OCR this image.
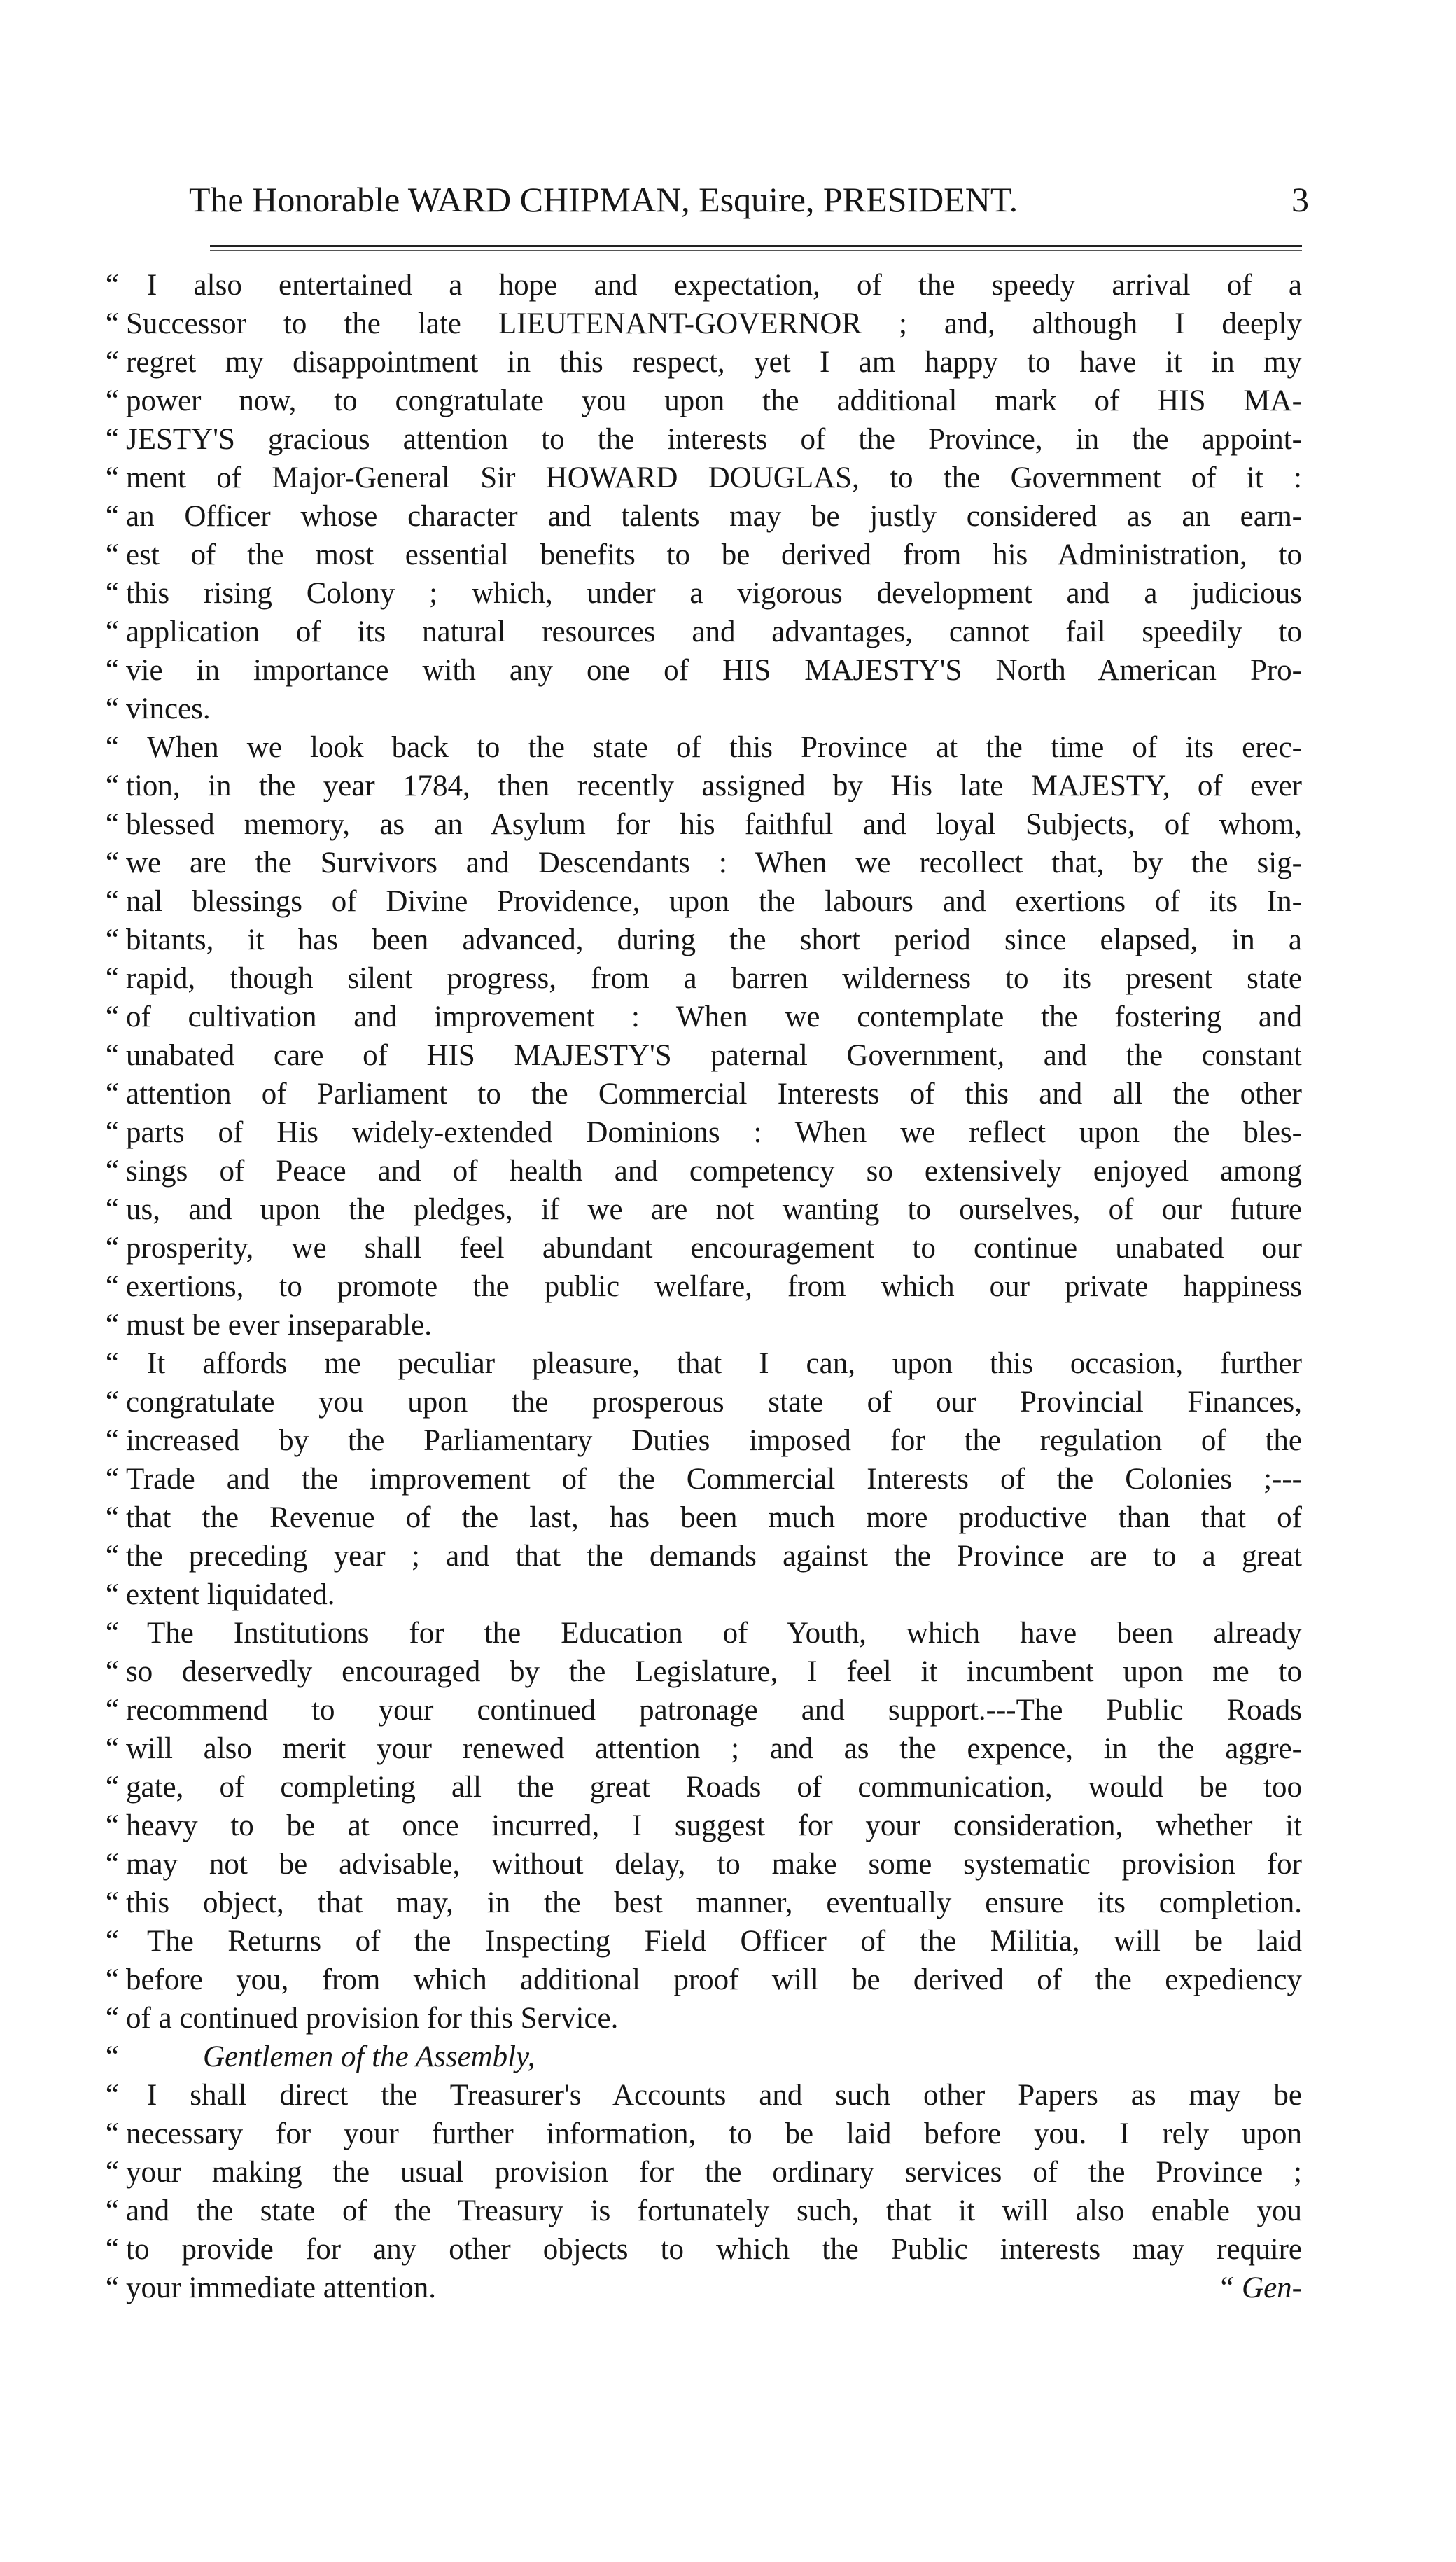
The Honorable WARD CHIPMAN, Esquire, PRESIDENT.	3
“ I also entertained a hope and expectation, of the speedy arrival of a
“ Successor to the late LIEUTENANT-GOVERNOR ; and, although I deeply
“ regret my disappointment in this respect, yet I am happy to have it in my
“ power now, to congratulate you upon the additional mark of HIS MA-
“ JESTY'S gracious attention to the interests of the Province, in the appoint-
“ ment of Major-General Sir HOWARD DOUGLAS, to the Government of it :
“ an Officer whose character and talents may be justly considered as an earn-
“ est of the most essential benefits to be derived from his Administration, to
“ this rising Colony ; which, under a vigorous development and a judicious
“ application of its natural resources and advantages, cannot fail speedily to
“ vie in importance with any one of HIS MAJESTY'S North American Pro-
“ vinces.
“ When we look back to the state of this Province at the time of its erec-
“ tion, in the year 1784, then recently assigned by His late MAJESTY, of ever
“ blessed memory, as an Asylum for his faithful and loyal Subjects, of whom,
“ we are the Survivors and Descendants : When we recollect that, by the sig-
“ nal blessings of Divine Providence, upon the labours and exertions of its In-
“ bitants, it has been advanced, during the short period since elapsed, in a
“ rapid, though silent progress, from a barren wilderness to its present state
“ of cultivation and improvement : When we contemplate the fostering and
“ unabated care of HIS MAJESTY'S paternal Government, and the constant
“ attention of Parliament to the Commercial Interests of this and all the other
“ parts of His widely-extended Dominions : When we reflect upon the bles-
“ sings of Peace and of health and competency so extensively enjoyed among
“ us, and upon the pledges, if we are not wanting to ourselves, of our future
“ prosperity, we shall feel abundant encouragement to continue unabated our
“ exertions, to promote the public welfare, from which our private happiness
“ must be ever inseparable.
“ It affords me peculiar pleasure, that I can, upon this occasion, further
“ congratulate you upon the prosperous state of our Provincial Finances,
“ increased by the Parliamentary Duties imposed for the regulation of the
“ Trade and the improvement of the Commercial Interests of the Colonies ;---
“ that the Revenue of the last, has been much more productive than that of
“ the preceding year ; and that the demands against the Province are to a great
“ extent liquidated.
“ The Institutions for the Education of Youth, which have been already
“ so deservedly encouraged by the Legislature, I feel it incumbent upon me to
“ recommend to your continued patronage and support.---The Public Roads
“ will also merit your renewed attention ; and as the expence, in the aggre-
“ gate, of completing all the great Roads of communication, would be too
“ heavy to be at once incurred, I suggest for your consideration, whether it
“ may not be advisable, without delay, to make some systematic provision for
“ this object, that may, in the best manner, eventually ensure its completion.
“ The Returns of the Inspecting Field Officer of the Militia, will be laid
“ before you, from which additional proof will be derived of the expediency
“ of a continued provision for this Service.
“	Gentlemen of the Assembly,
“ I shall direct the Treasurer's Accounts and such other Papers as may be
“ necessary for your further information, to be laid before you. I rely upon
“ your making the usual provision for the ordinary services of the Province ;
“ and the state of the Treasury is fortunately such, that it will also enable you
“ to provide for any other objects to which the Public interests may require
“ your immediate attention.	“ Gen-
